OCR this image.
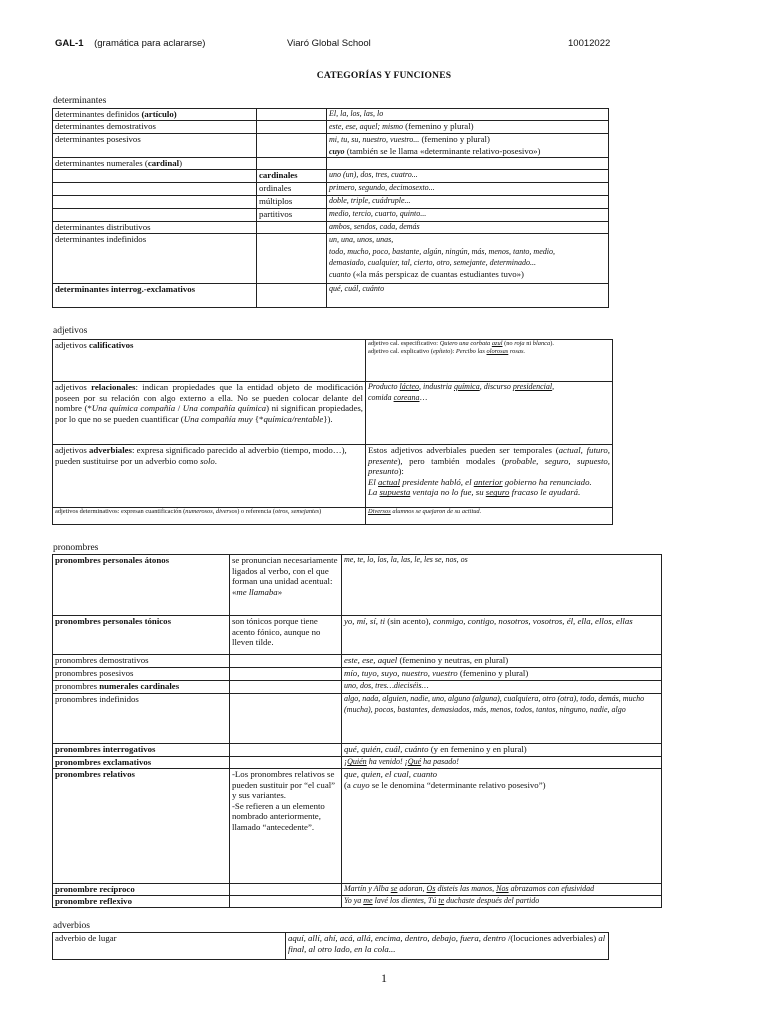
GAL-1 (gramática para aclararse)	Viaró Global School	10012022
CATEGORÍAS Y FUNCIONES
determinantes
determinantes definidos (artículo)		El, la, los, las, lo
determinantes demostrativos		este, ese, aquel; mismo (femenino y plural)
determinantes posesivos		mi, tu, su, nuestro, vuestro... (femenino y plural)
cuyo (también se le llama «determinante relativo-posesivo»)
determinantes numerales (cardinal)		
	cardinales	uno (un), dos, tres, cuatro...
	ordinales	primero, segundo, decimosexto...
	múltiplos	doble, triple, cuádruple...
	partitivos	medio, tercio, cuarto, quinto...
determinantes distributivos		ambos, sendos, cada, demás
determinantes indefinidos		un, una, unos, unas,
todo, mucho, poco, bastante, algún, ningún, más, menos, tanto, medio,
demasiado, cualquier, tal, cierto, otro, semejante, determinado...
cuanto («la más perspicaz de cuantas estudiantes tuvo»)
determinantes interrog.-exclamativos		qué, cuál, cuánto
adjetivos
adjetivos calificativos	adjetivo cal. especificativo: Quiero una corbata azul (no roja ni blanca).
adjetivo cal. explicativo (epíteto): Percibo las olorosas rosas.
adjetivos relacionales: indican propiedades que la entidad objeto de modificación poseen por su relación con algo externo a ella. No se pueden colocar delante del nombre (*Una química compañía / Una compañía química) ni significan propiedades, por lo que no se pueden cuantificar (Una compañía muy {*química/rentable}).	Producto lácteo, industria química, discurso presidencial,
comida coreana…
adjetivos adverbiales: expresa significado parecido al adverbio (tiempo, modo…), pueden sustituirse por un adverbio como solo.	Estos adjetivos adverbiales pueden ser temporales (actual, futuro, presente), pero también modales (probable, seguro, supuesto, presunto):
El actual presidente habló, el anterior gobierno ha renunciado.
La supuesta ventaja no lo fue, su seguro fracaso le ayudará.
adjetivos determinativos: expresan cuantificación (numerosos, diversos) o referencia (otros, semejantes)	Diversos alumnos se quejaron de su actitud.
pronombres
pronombres personales átonos	se pronuncian necesariamente ligados al verbo, con el que forman una unidad acentual: «me llamaba»	me, te, lo, los, la, las, le, les se, nos, os
pronombres personales tónicos	son tónicos porque tiene acento fónico, aunque no lleven tilde.	yo, mí, sí, ti (sin acento), conmigo, contigo, nosotros, vosotros, él, ella, ellos, ellas
pronombres demostrativos		este, ese, aquel (femenino y neutras, en plural)
pronombres posesivos		mío, tuyo, suyo, nuestro, vuestro (femenino y plural)
pronombres numerales cardinales		uno, dos, tres…dieciséis…
pronombres indefinidos		algo, nada, alguien, nadie, uno, alguno (alguna), cualquiera, otro (otra), todo, demás, mucho (mucha), pocos, bastantes, demasiados, más, menos, todos, tantos, ninguno, nadie, algo
pronombres interrogativos		qué, quién, cuál, cuánto (y en femenino y en plural)
pronombres exclamativos		¡Quién ha venido! ¡Qué ha pasado!
pronombres relativos	-Los pronombres relativos se pueden sustituir por “el cual” y sus variantes.
-Se refieren a un elemento nombrado anteriormente, llamado “antecedente”.	que, quien, el cual, cuanto
(a cuyo se le denomina “determinante relativo posesivo”)
pronombre recíproco		Martín y Alba se adoran, Os disteis las manos, Nos abrazamos con efusividad
pronombre reflexivo		Yo ya me lavé los dientes, Tú te duchaste después del partido
adverbios
adverbio de lugar	aquí, allí, ahí, acá, allá, encima, dentro, debajo, fuera, dentro /(locuciones adverbiales) al final, al otro lado, en la cola...
1
